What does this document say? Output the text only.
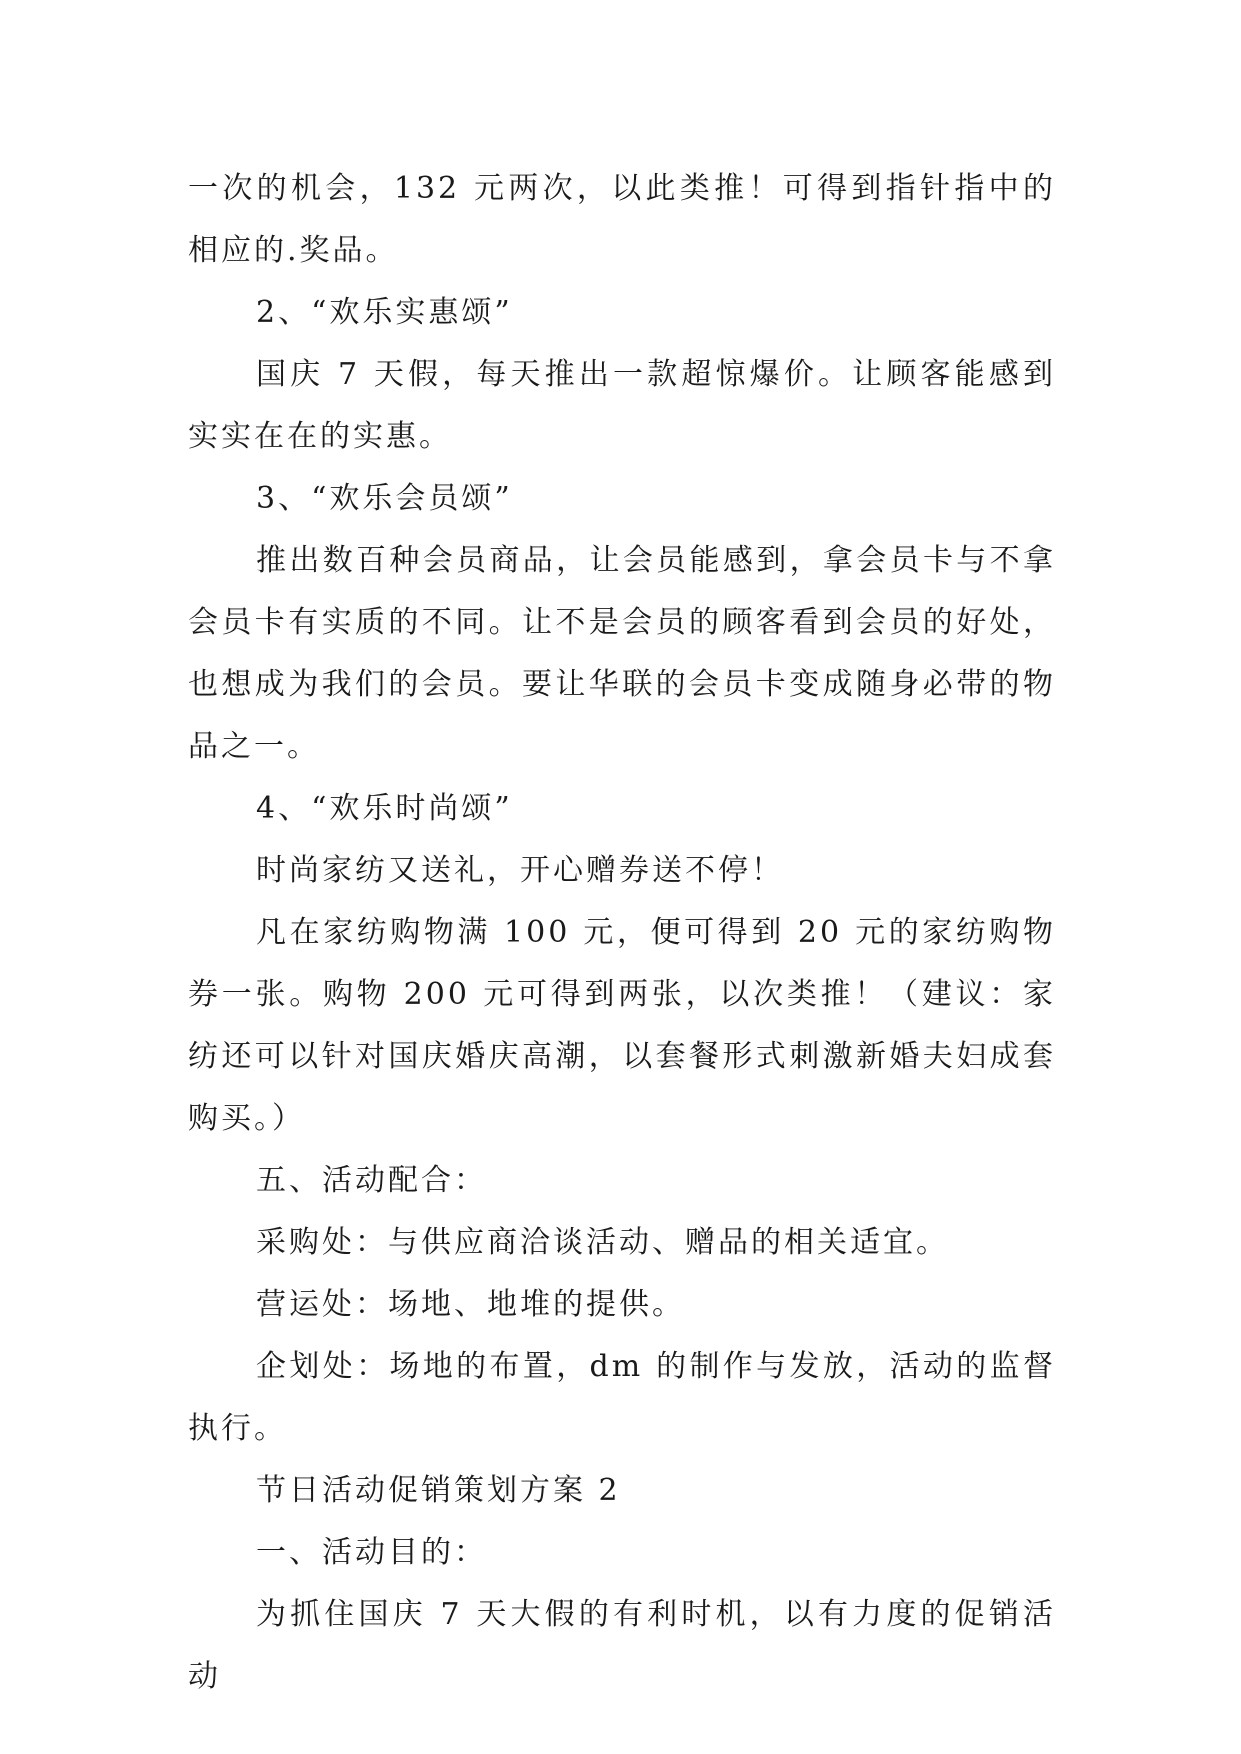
一次的机会，132 元两次，以此类推！可得到指针指中的相应的.奖品。

2、“欢乐实惠颂”

国庆 7 天假，每天推出一款超惊爆价。让顾客能感到实实在在的实惠。

3、“欢乐会员颂”

推出数百种会员商品，让会员能感到，拿会员卡与不拿会员卡有实质的不同。让不是会员的顾客看到会员的好处，也想成为我们的会员。要让华联的会员卡变成随身必带的物品之一。

4、“欢乐时尚颂”

时尚家纺又送礼，开心赠券送不停！

凡在家纺购物满 100 元，便可得到 20 元的家纺购物券一张。购物 200 元可得到两张，以次类推！（建议：家纺还可以针对国庆婚庆高潮，以套餐形式刺激新婚夫妇成套购买。）

五、活动配合：

采购处：与供应商洽谈活动、赠品的相关适宜。

营运处：场地、地堆的提供。

企划处：场地的布置，dm 的制作与发放，活动的监督执行。

节日活动促销策划方案 2

一、活动目的：

为抓住国庆 7 天大假的有利时机，以有力度的促销活动
